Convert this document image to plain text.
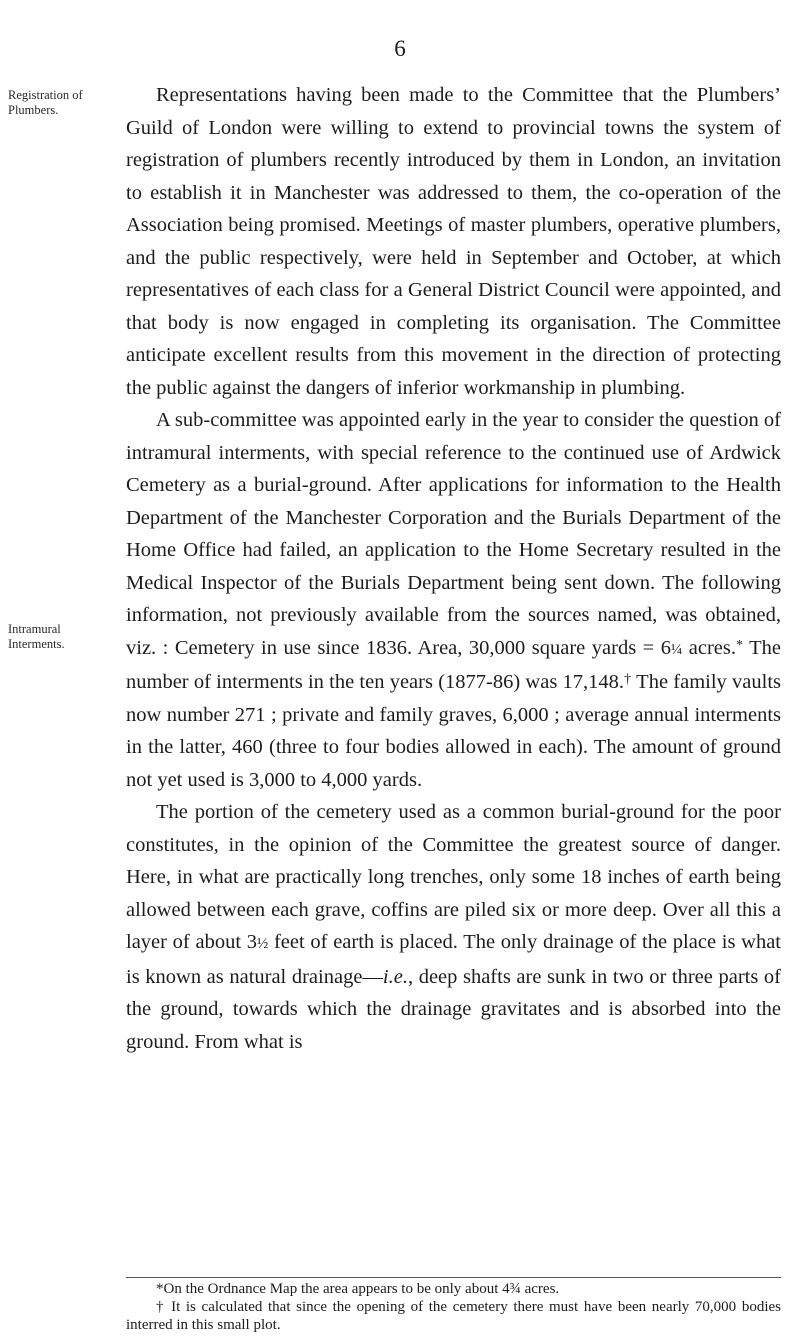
6
Registration of Plumbers.
Intramural Interments.

Representations having been made to the Committee that the Plumbers’ Guild of London were willing to extend to provincial towns the system of registration of plumbers recently introduced by them in London, an invitation to establish it in Manchester was addressed to them, the co-operation of the Association being promised. Meetings of master plumbers, operative plumbers, and the public respectively, were held in September and October, at which representatives of each class for a General District Council were appointed, and that body is now engaged in completing its organisation. The Committee anticipate excellent results from this movement in the direction of protecting the public against the dangers of inferior workmanship in plumbing.

A sub-committee was appointed early in the year to consider the question of intramural interments, with special reference to the continued use of Ardwick Cemetery as a burial-ground. After applications for information to the Health Department of the Manchester Corporation and the Burials Department of the Home Office had failed, an application to the Home Secretary resulted in the Medical Inspector of the Burials Department being sent down. The following information, not previously available from the sources named, was obtained, viz. : Cemetery in use since 1836. Area, 30,000 square yards = 6¼ acres.* The number of interments in the ten years (1877-86) was 17,148.† The family vaults now number 271 ; private and family graves, 6,000 ; average annual interments in the latter, 460 (three to four bodies allowed in each). The amount of ground not yet used is 3,000 to 4,000 yards.

The portion of the cemetery used as a common burial-ground for the poor constitutes, in the opinion of the Committee the greatest source of danger. Here, in what are practically long trenches, only some 18 inches of earth being allowed between each grave, coffins are piled six or more deep. Over all this a layer of about 3½ feet of earth is placed. The only drainage of the place is what is known as natural drainage—i.e., deep shafts are sunk in two or three parts of the ground, towards which the drainage gravitates and is absorbed into the ground. From what is

*On the Ordnance Map the area appears to be only about 4¾ acres.

† It is calculated that since the opening of the cemetery there must have been nearly 70,000 bodies interred in this small plot.
